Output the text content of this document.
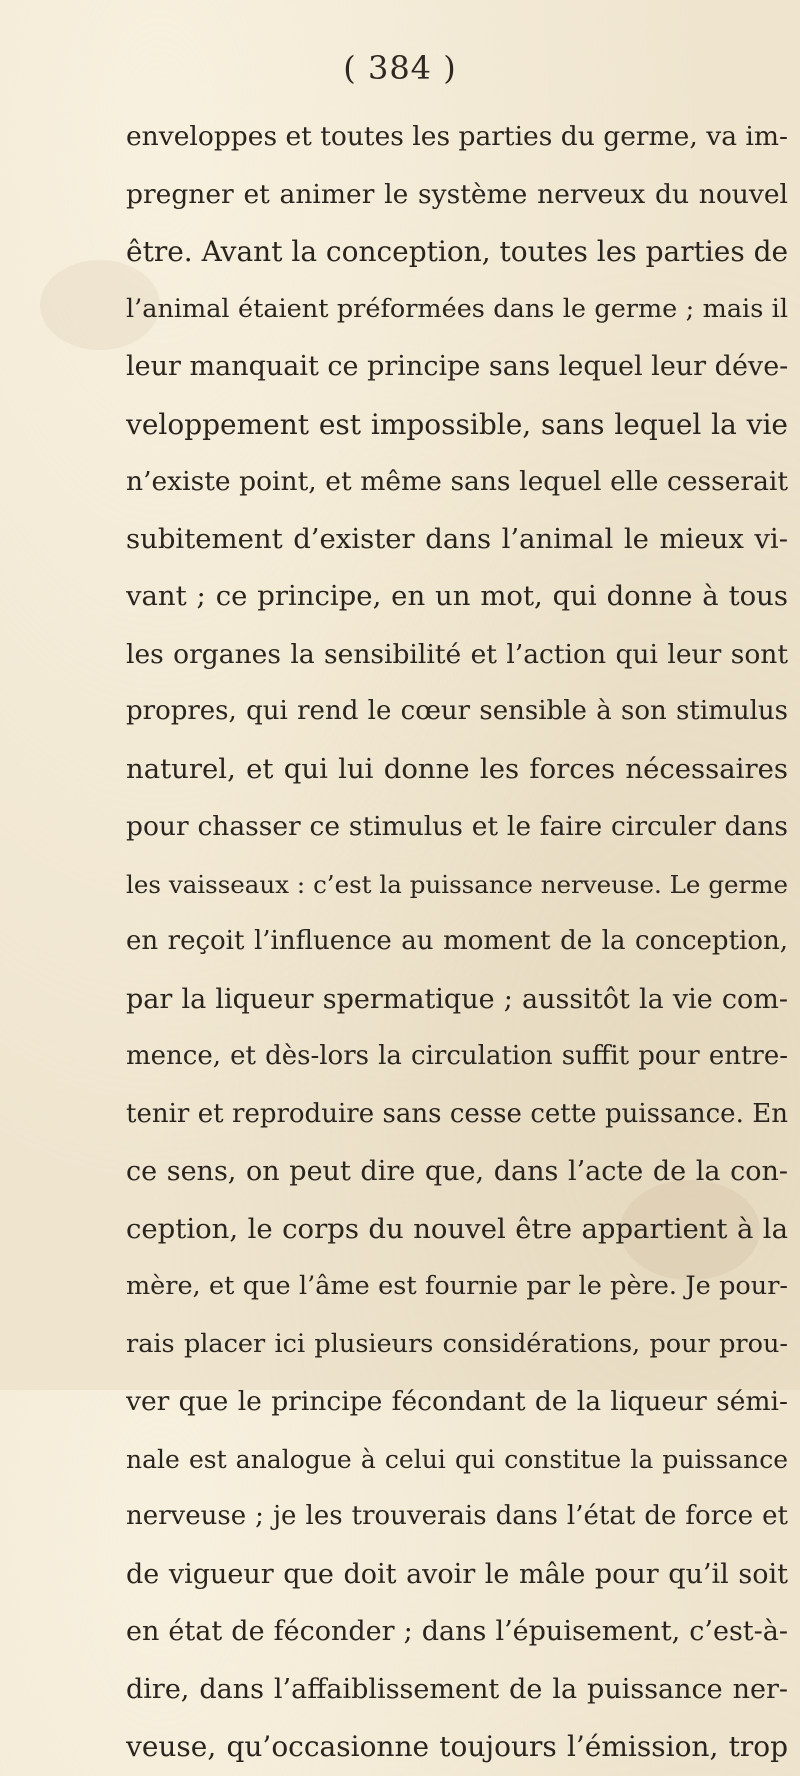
( 384 )
enveloppes et toutes les parties du germe, va im-
pregner et animer le système nerveux du nouvel
être. Avant la conception, toutes les parties de
l’animal étaient préformées dans le germe ; mais il
leur manquait ce principe sans lequel leur déve-
veloppement est impossible, sans lequel la vie
n’existe point, et même sans lequel elle cesserait
subitement d’exister dans l’animal le mieux vi-
vant ; ce principe, en un mot, qui donne à tous
les organes la sensibilité et l’action qui leur sont
propres, qui rend le cœur sensible à son stimulus
naturel, et qui lui donne les forces nécessaires
pour chasser ce stimulus et le faire circuler dans
les vaisseaux : c’est la puissance nerveuse. Le germe
en reçoit l’influence au moment de la conception,
par la liqueur spermatique ; aussitôt la vie com-
mence, et dès-lors la circulation suffit pour entre-
tenir et reproduire sans cesse cette puissance. En
ce sens, on peut dire que, dans l’acte de la con-
ception, le corps du nouvel être appartient à la
mère, et que l’âme est fournie par le père. Je pour-
rais placer ici plusieurs considérations, pour prou-
ver que le principe fécondant de la liqueur sémi-
nale est analogue à celui qui constitue la puissance
nerveuse ; je les trouverais dans l’état de force et
de vigueur que doit avoir le mâle pour qu’il soit
en état de féconder ; dans l’épuisement, c’est-à-
dire, dans l’affaiblissement de la puissance ner-
veuse, qu’occasionne toujours l’émission, trop
